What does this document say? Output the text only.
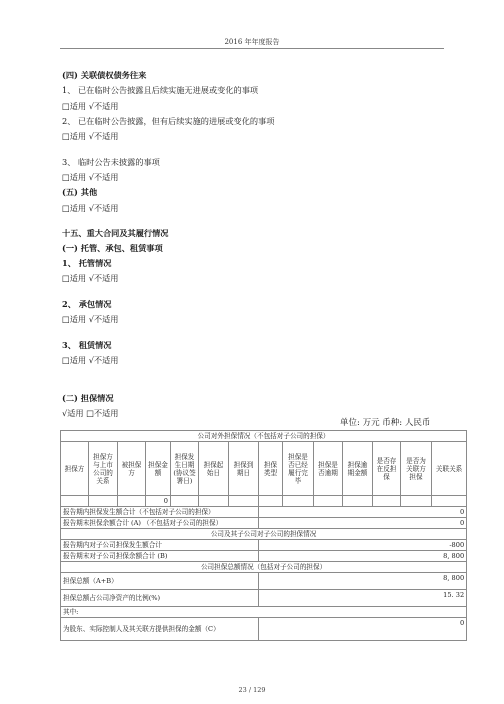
2016 年年度报告
(四) 关联债权债务往来
1、 已在临时公告披露且后续实施无进展或变化的事项
□适用 √不适用
2、 已在临时公告披露，但有后续实施的进展或变化的事项
□适用 √不适用
3、 临时公告未披露的事项
□适用 √不适用
(五) 其他
□适用 √不适用
十五、重大合同及其履行情况
(一) 托管、承包、租赁事项
1、 托管情况
□适用 √不适用
2、 承包情况
□适用 √不适用
3、 租赁情况
□适用 √不适用
(二) 担保情况
√适用 □不适用
单位: 万元 币种: 人民币
公司对外担保情况（不包括对子公司的担保）													
担保方	担保方与上市公司的关系	被担保方	担保金额	担保发生日期(协议签署日)	担保起始日	担保到期日	担保类型	担保是否已经履行完毕	担保是否逾期	担保逾期金额	是否存在反担保	是否为关联方担保	关联关系
			0										
报告期内担保发生额合计（不包括对子公司的担保）							0						
报告期末担保余额合计 (A) （不包括对子公司的担保）							0						
公司及其子公司对子公司的担保情况													
报告期内对子公司担保发生额合计							-800						
报告期末对子公司担保余额合计 (B)							8, 800						
公司担保总额情况（包括对子公司的担保）													
担保总额（A+B）							8, 800						
担保总额占公司净资产的比例(%)							15. 32						
其中:													
为股东、实际控制人及其关联方提供担保的金额（C）							0						
23 / 129
